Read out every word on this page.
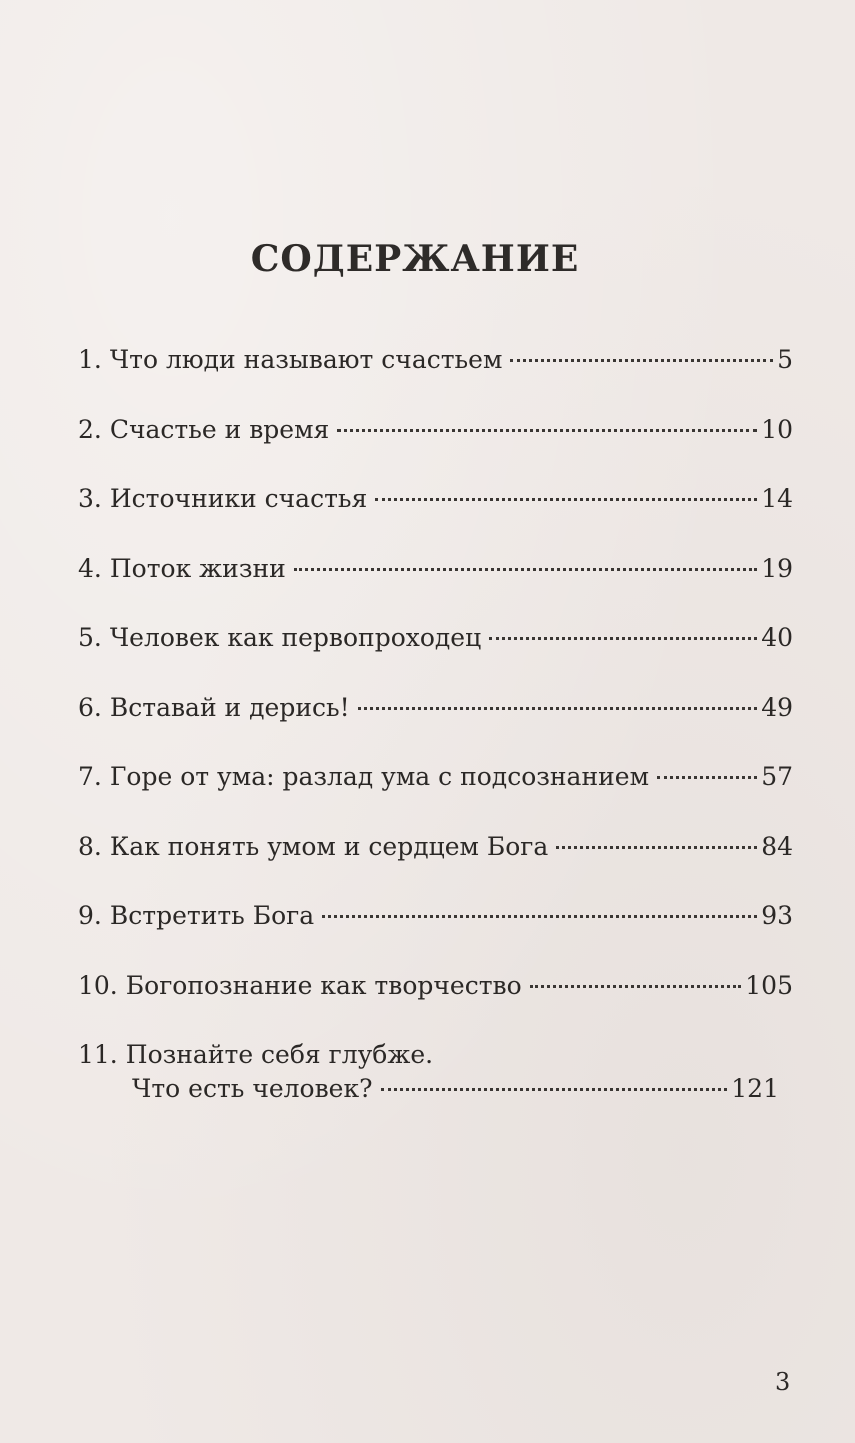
СОДЕРЖАНИЕ
1. Что люди называют счастьем	5
2. Счастье и время	10
3. Источники счастья	14
4. Поток жизни	19
5. Человек как первопроходец	40
6. Вставай и дерись!	49
7. Горе от ума: разлад ума с подсознанием	57
8. Как понять умом и сердцем Бога	84
9. Встретить Бога	93
10. Богопознание как творчество	105
11. Познайте себя глубже.
Что есть человек?	121
3
